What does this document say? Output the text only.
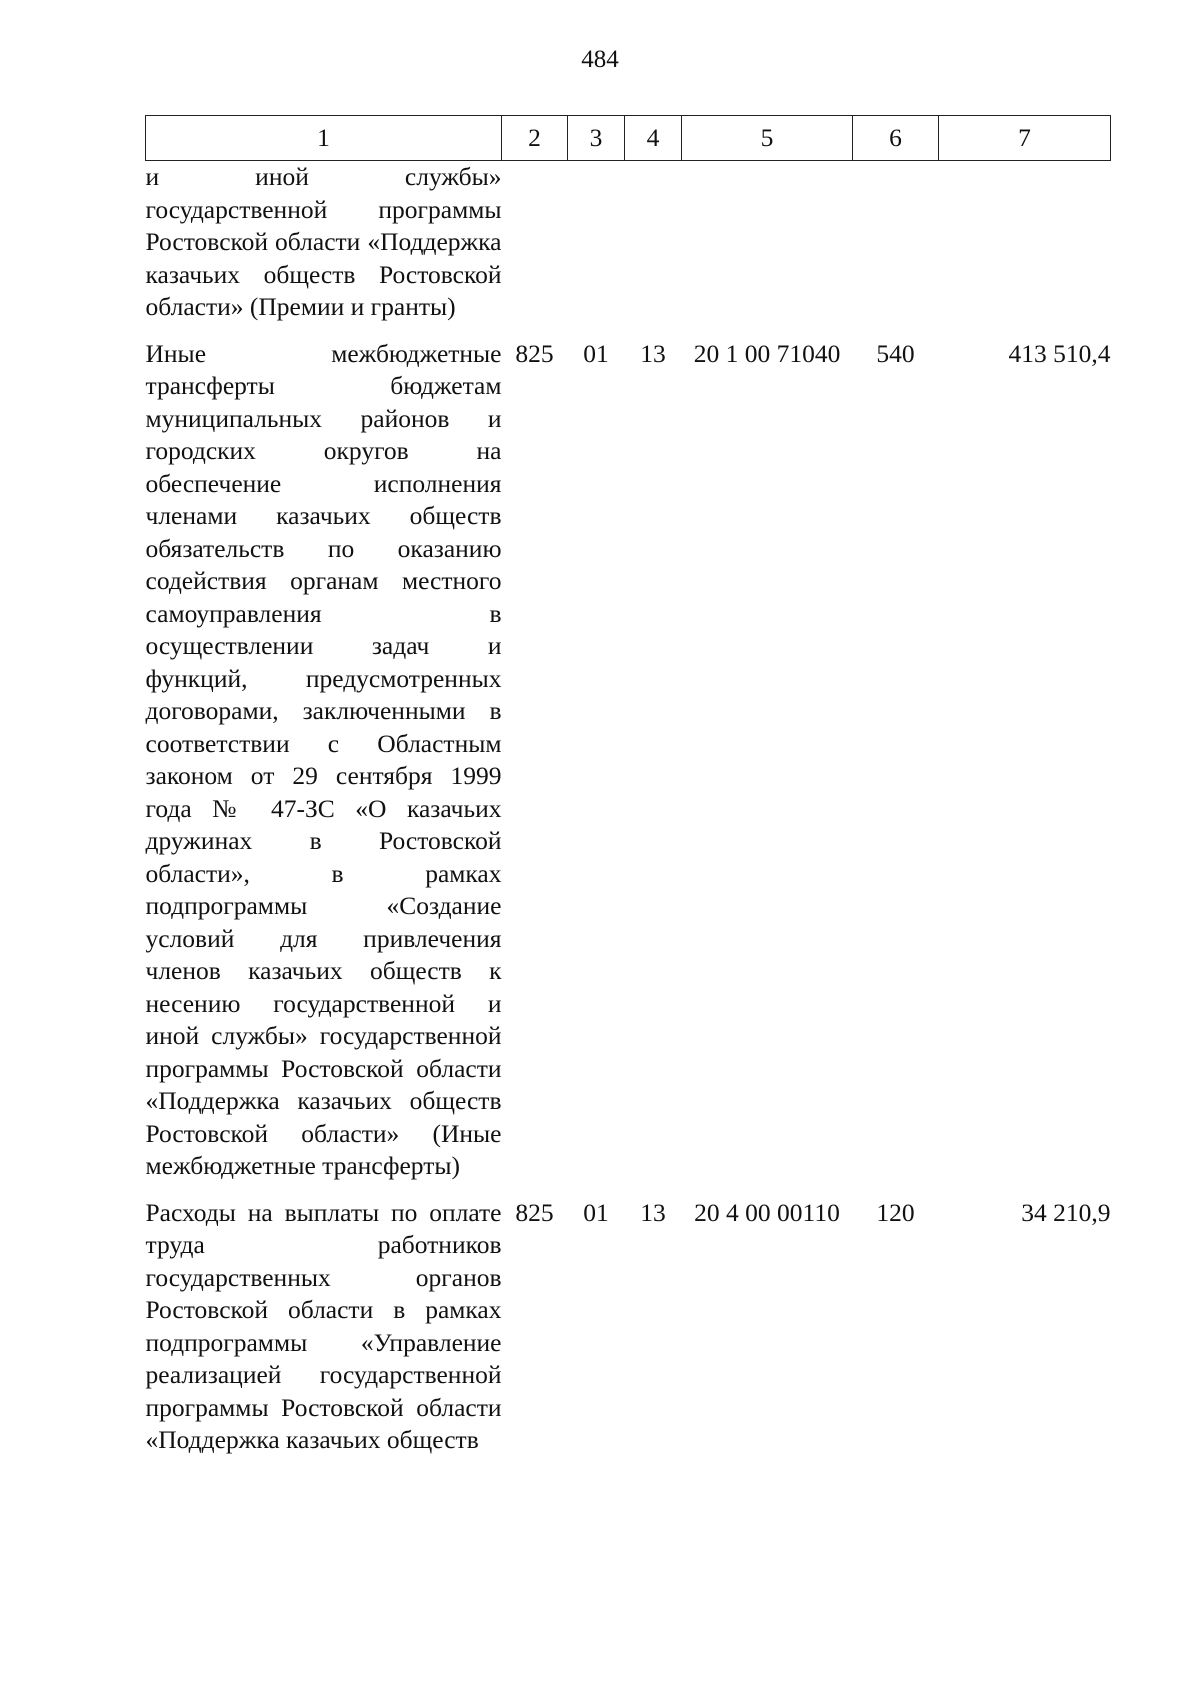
484
1	2	3	4	5	6	7
и иной службы» государственной программы Ростовской области «Поддержка казачьих обществ Ростовской области» (Премии и гранты)						
Иные межбюджетные трансферты бюджетам муниципальных районов и городских округов на обеспечение исполнения членами казачьих обществ обязательств по оказанию содействия органам местного самоуправления в осуществлении задач и функций, предусмотренных договорами, заключенными в соответствии с Областным законом от 29 сентября 1999 года № 47-ЗС «О казачьих дружинах в Ростовской области», в рамках подпрограммы «Создание условий для привлечения членов казачьих обществ к несению государственной и иной службы» государственной программы Ростовской области «Поддержка казачьих обществ Ростовской области» (Иные межбюджетные трансферты)	825	01	13	20 1 00 71040	540	413 510,4
Расходы на выплаты по оплате труда работников государственных органов Ростовской области в рамках подпрограммы «Управление реализацией государственной программы Ростовской области «Поддержка казачьих обществ	825	01	13	20 4 00 00110	120	34 210,9
